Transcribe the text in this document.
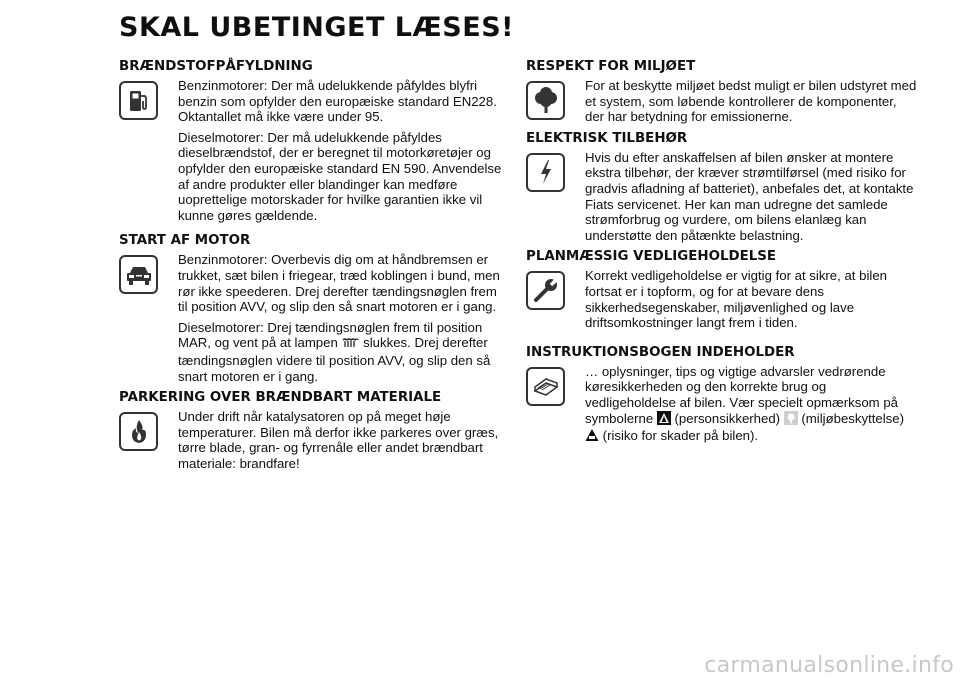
SKAL UBETINGET LÆSES!
BRÆNDSTOFPÅFYLDNING

Benzinmotorer: Der må udelukkende påfyldes blyfri benzin som opfylder den europæiske standard EN228. Oktantallet må ikke være under 95.

Dieselmotorer: Der må udelukkende påfyldes dieselbrændstof, der er beregnet til motorkøretøjer og opfylder den europæiske standard EN 590. Anvendelse af andre produkter eller blandinger kan medføre uoprettelige motorskader for hvilke garantien ikke vil kunne gøres gældende.

START AF MOTOR

Benzinmotorer: Overbevis dig om at håndbremsen er trukket, sæt bilen i friegear, træd koblingen i bund, men rør ikke speederen. Drej derefter tændingsnøglen frem til position AVV, og slip den så snart motoren er i gang.

Dieselmotorer: Drej tændingsnøglen frem til position MAR, og vent på at lampen slukkes. Drej derefter tændingsnøglen videre til position AVV, og slip den så snart motoren er i gang.

PARKERING OVER BRÆNDBART MATERIALE

Under drift når katalysatoren op på meget høje temperaturer. Bilen må derfor ikke parkeres over græs, tørre blade, gran- og fyrrenåle eller andet brændbart materiale: brandfare!

RESPEKT FOR MILJØET

For at beskytte miljøet bedst muligt er bilen udstyret med et system, som løbende kontrollerer de komponenter, der har betydning for emissionerne.

ELEKTRISK TILBEHØR

Hvis du efter anskaffelsen af bilen ønsker at montere ekstra tilbehør, der kræver strømtilførsel (med risiko for gradvis afladning af batteriet), anbefales det, at kontakte Fiats servicenet. Her kan man udregne det samlede strømforbrug og vurdere, om bilens elanlæg kan understøtte den påtænkte belastning.

PLANMÆSSIG VEDLIGEHOLDELSE

Korrekt vedligeholdelse er vigtig for at sikre, at bilen fortsat er i topform, og for at bevare dens sikkerhedsegenskaber, miljøvenlighed og lave driftsomkostninger langt frem i tiden.

INSTRUKTIONSBOGEN INDEHOLDER

… oplysninger, tips og vigtige advarsler vedrørende køresikkerheden og den korrekte brug og vedligeholdelse af bilen. Vær specielt opmærksom på symbolerne (personsikkerhed) (miljøbeskyttelse)  (risiko for skader på bilen).

carmanualsonline.info
